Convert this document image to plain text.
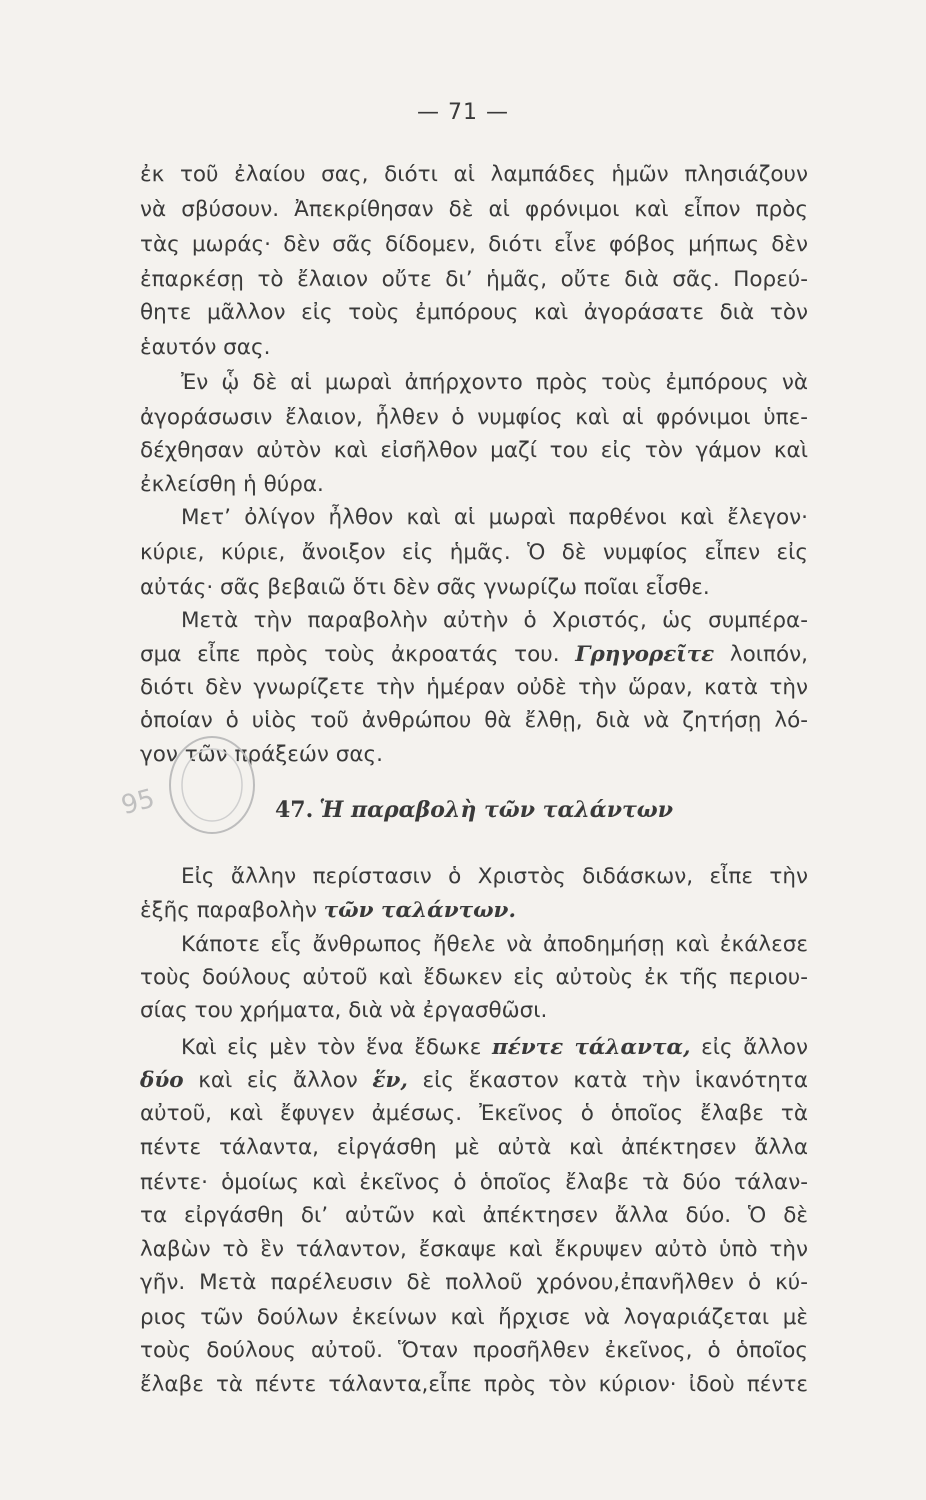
— 71 —
ἐκ τοῦ ἐλαίου σας, διότι αἱ λαμπάδες ἡμῶν πλησιάζουν
νὰ σβύσουν. Ἀπεκρίθησαν δὲ αἱ φρόνιμοι καὶ εἶπον πρὸς
τὰς μωράς· δὲν σᾶς δίδομεν, διότι εἶνε φόβος μήπως δὲν
ἐπαρκέσῃ τὸ ἔλαιον οὔτε δι’ ἡμᾶς, οὔτε διὰ σᾶς. Πορεύ-
θητε μᾶλλον εἰς τοὺς ἐμπόρους καὶ ἀγοράσατε διὰ τὸν
ἑαυτόν σας.
Ἐν ᾧ δὲ αἱ μωραὶ ἀπήρχοντο πρὸς τοὺς ἐμπόρους νὰ
ἀγοράσωσιν ἔλαιον, ἦλθεν ὁ νυμφίος καὶ αἱ φρόνιμοι ὑπε-
δέχθησαν αὐτὸν καὶ εἰσῆλθον μαζί του εἰς τὸν γάμον καὶ
ἐκλείσθη ἡ θύρα.
Μετ’ ὀλίγον ἦλθον καὶ αἱ μωραὶ παρθένοι καὶ ἔλεγον·
κύριε, κύριε, ἄνοιξον εἰς ἡμᾶς. Ὁ δὲ νυμφίος εἶπεν εἰς
αὐτάς· σᾶς βεβαιῶ ὅτι δὲν σᾶς γνωρίζω ποῖαι εἶσθε.
Μετὰ τὴν παραβολὴν αὐτὴν ὁ Χριστός, ὡς συμπέρα-
σμα εἶπε πρὸς τοὺς ἀκροατάς του. Γρηγορεῖτε λοιπόν,
διότι δὲν γνωρίζετε τὴν ἡμέραν οὐδὲ τὴν ὥραν, κατὰ τὴν
ὁποίαν ὁ υἱὸς τοῦ ἀνθρώπου θὰ ἔλθῃ, διὰ νὰ ζητήσῃ λό-
γον τῶν πράξεών σας.
95	47. Ἡ παραβολὴ τῶν ταλάντων
Εἰς ἄλλην περίστασιν ὁ Χριστὸς διδάσκων, εἶπε τὴν
ἑξῆς παραβολὴν τῶν ταλάντων.
Κάποτε εἷς ἄνθρωπος ἤθελε νὰ ἀποδημήσῃ καὶ ἐκάλεσε
τοὺς δούλους αὐτοῦ καὶ ἔδωκεν εἰς αὐτοὺς ἐκ τῆς περιου-
σίας του χρήματα, διὰ νὰ ἐργασθῶσι.
Καὶ εἰς μὲν τὸν ἕνα ἔδωκε πέντε τάλαντα, εἰς ἄλλον
δύο καὶ εἰς ἄλλον ἕν, εἰς ἕκαστον κατὰ τὴν ἱκανότητα
αὐτοῦ, καὶ ἔφυγεν ἀμέσως. Ἐκεῖνος ὁ ὁποῖος ἔλαβε τὰ
πέντε τάλαντα, εἰργάσθη μὲ αὐτὰ καὶ ἀπέκτησεν ἄλλα
πέντε· ὁμοίως καὶ ἐκεῖνος ὁ ὁποῖος ἔλαβε τὰ δύο τάλαν-
τα εἰργάσθη δι’ αὐτῶν καὶ ἀπέκτησεν ἄλλα δύο. Ὁ δὲ
λαβὼν τὸ ἓν τάλαντον, ἔσκαψε καὶ ἔκρυψεν αὐτὸ ὑπὸ τὴν
γῆν. Μετὰ παρέλευσιν δὲ πολλοῦ χρόνου,ἐπανῆλθεν ὁ κύ-
ριος τῶν δούλων ἐκείνων καὶ ἤρχισε νὰ λογαριάζεται μὲ
τοὺς δούλους αὐτοῦ. Ὅταν προσῆλθεν ἐκεῖνος, ὁ ὁποῖος
ἔλαβε τὰ πέντε τάλαντα,εἶπε πρὸς τὸν κύριον· ἰδοὺ πέντε
